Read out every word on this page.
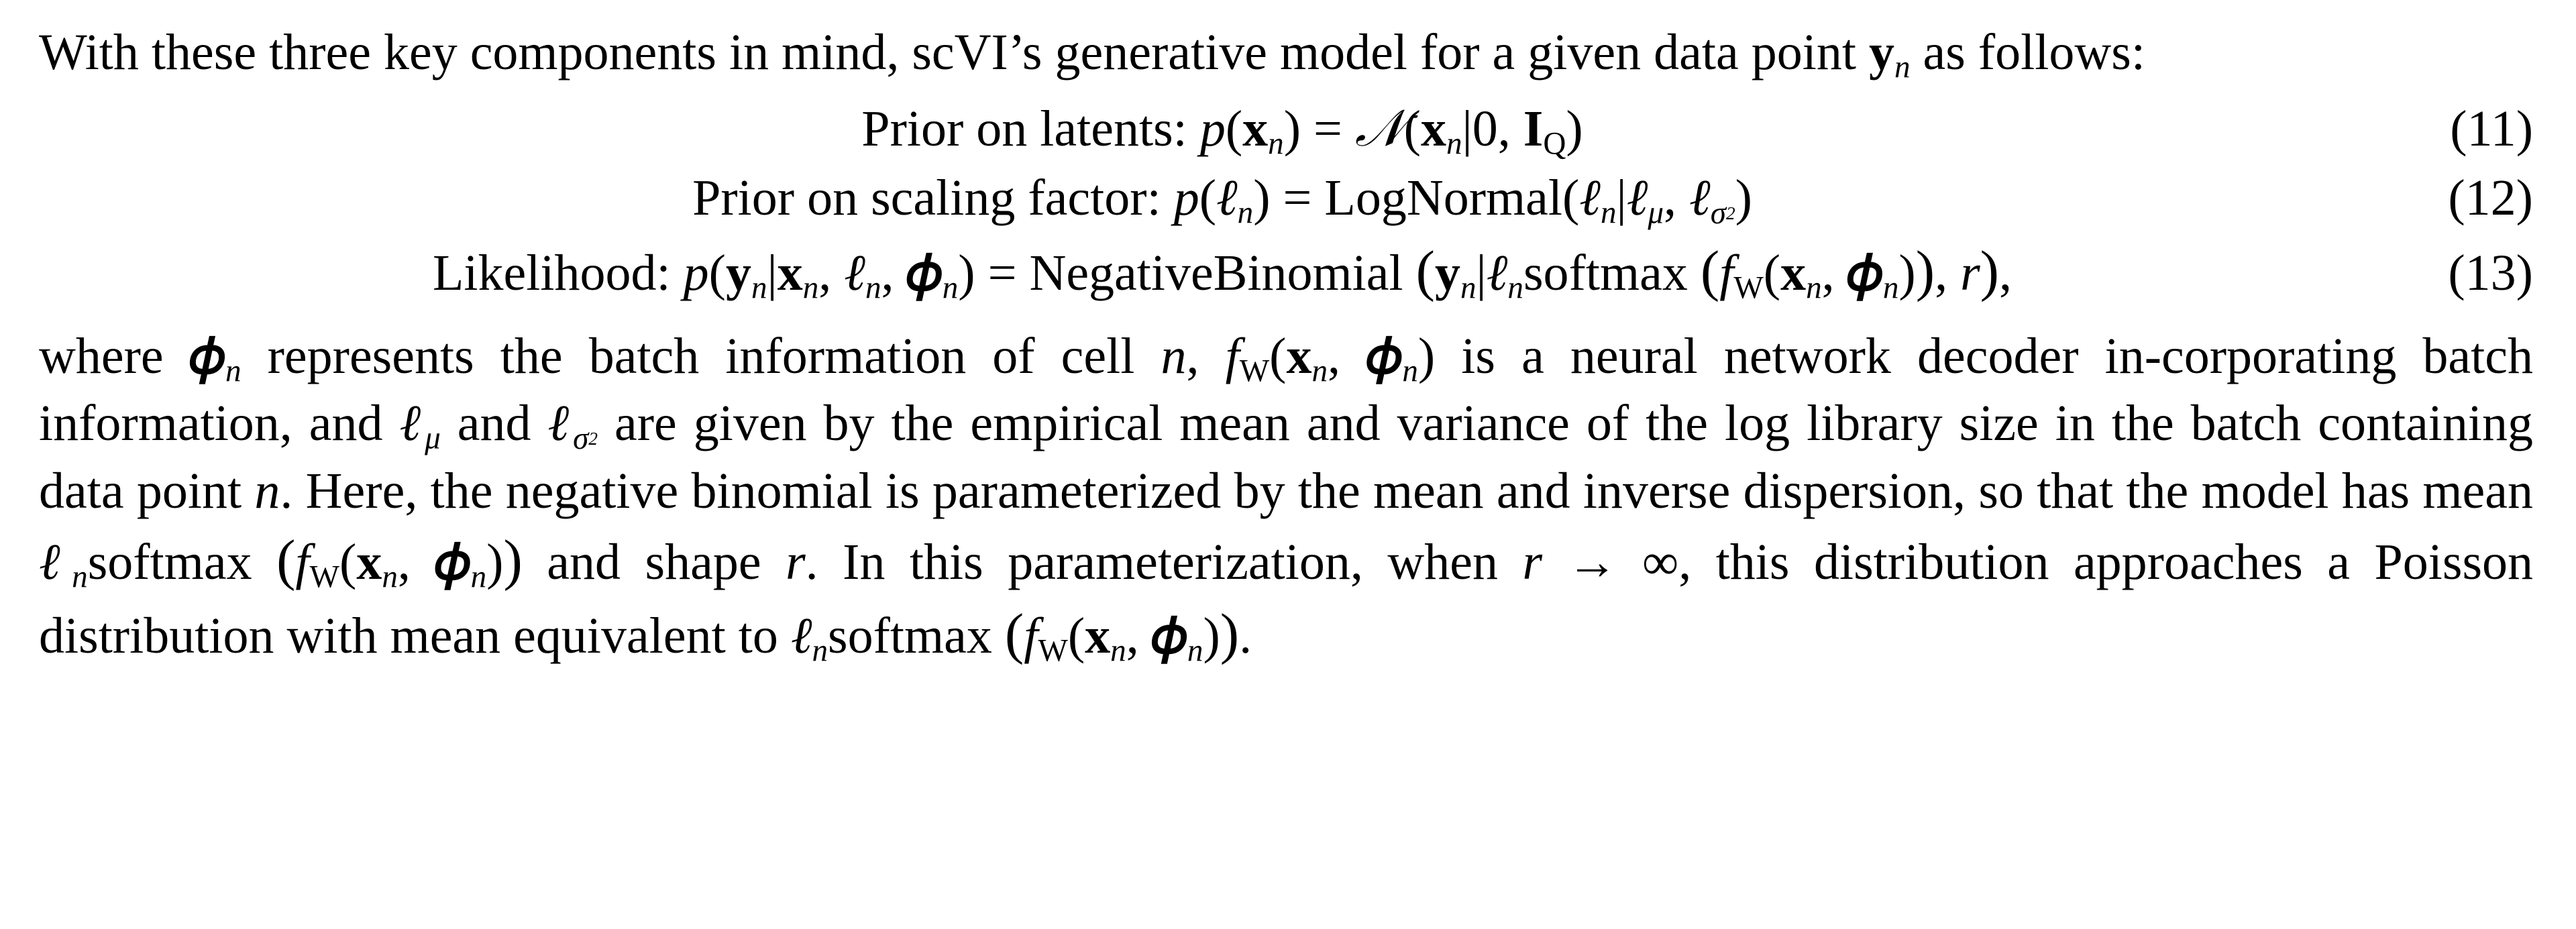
With these three key components in mind, scVI’s generative model for a given data point $y_n$ as follows:

Prior on latents: $p(x_n)$ = $𝒩(x_n|0$, $I_Q$)	(11)
Prior on scaling factor: p(ℓ$_n$) = LogNormal(ℓ$_n$|ℓ$_\mu$, ℓ$_{\sigma_2}$)	(12)
Likelihood: $p(y_n|x_n$, ℓ$_n$, 𝜙$_n$) = NegativeBinomial ($y_n|\ell_nsoftmax$ ($f_W(x_n$, 𝜙$_n$)), r),	(13)

where 𝜙$_n$ represents the batch information of cell n, $f_W(x_n$, 𝜙$_n$) is a neural network decoder in-corporating batch information, and ℓ$_\mu$ and ℓ$_{\sigma_2}$ are given by the empirical mean and variance of the log library size in the batch containing data point n. Here, the negative binomial is parameterized by the mean and inverse dispersion, so that the model has mean ℓ$_n$softmax ($f_W(x_n$, 𝜙$_n$)) and shape r. In this parameterization, when r → ∞, this distribution approaches a Poisson distribution with mean equivalent to ℓ$_n$softmax ($f_W(x_n$, 𝜙$_n$)).
